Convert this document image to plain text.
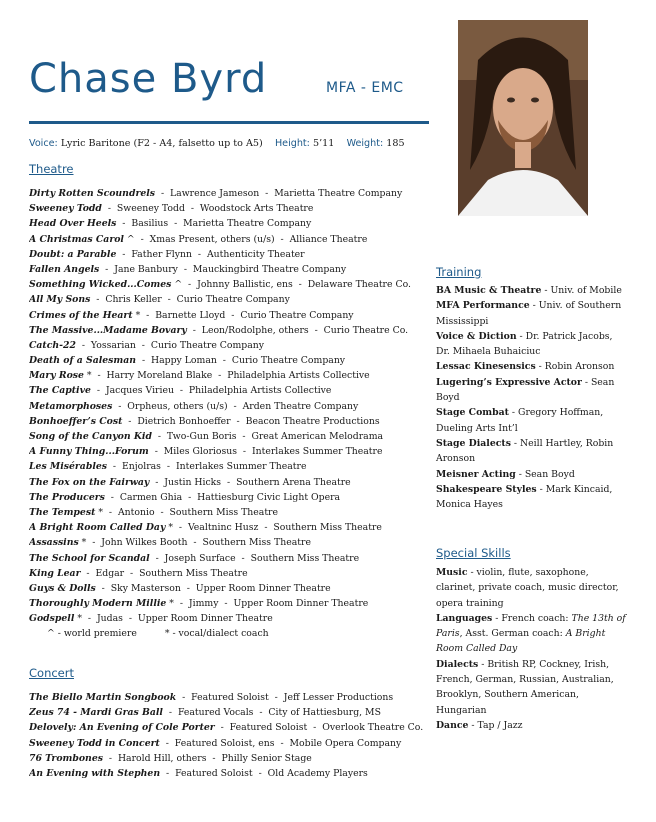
Chase Byrd	MFA - EMC
Voice: Lyric Baritone (F2 - A4, falsetto up to A5) Height: 5’11 Weight: 185
Theatre
Dirty Rotten Scoundrels  -  Lawrence Jameson  -  Marietta Theatre Company
Sweeney Todd  -  Sweeney Todd  -  Woodstock Arts Theatre
Head Over Heels  -  Basilius  -  Marietta Theatre Company
A Christmas Carol ^  -  Xmas Present, others (u/s)  -  Alliance Theatre
Doubt: a Parable  -  Father Flynn  -  Authenticity Theater
Fallen Angels  -  Jane Banbury  -  Mauckingbird Theatre Company
Something Wicked...Comes ^  -  Johnny Ballistic, ens  -  Delaware Theatre Co.
All My Sons  -  Chris Keller  -  Curio Theatre Company
Crimes of the Heart *  -  Barnette Lloyd  -  Curio Theatre Company
The Massive...Madame Bovary  -  Leon/Rodolphe, others  -  Curio Theatre Co.
Catch-22  -  Yossarian  -  Curio Theatre Company
Death of a Salesman  -  Happy Loman  -  Curio Theatre Company
Mary Rose *  -  Harry Moreland Blake  -  Philadelphia Artists Collective
The Captive  -  Jacques Virieu  -  Philadelphia Artists Collective
Metamorphoses  -  Orpheus, others (u/s)  -  Arden Theatre Company
Bonhoeffer’s Cost  -  Dietrich Bonhoeffer  -  Beacon Theatre Productions
Song of the Canyon Kid  -  Two-Gun Boris  -  Great American Melodrama
A Funny Thing...Forum  -  Miles Gloriosus  -  Interlakes Summer Theatre
Les Misérables  -  Enjolras  -  Interlakes Summer Theatre
The Fox on the Fairway  -  Justin Hicks  -  Southern Arena Theatre
The Producers  -  Carmen Ghia  -  Hattiesburg Civic Light Opera
The Tempest *  -  Antonio  -  Southern Miss Theatre
A Bright Room Called Day *  -  Vealtninc Husz  -  Southern Miss Theatre
Assassins *  -  John Wilkes Booth  -  Southern Miss Theatre
The School for Scandal  -  Joseph Surface  -  Southern Miss Theatre
King Lear  -  Edgar  -  Southern Miss Theatre
Guys & Dolls  -  Sky Masterson  -  Upper Room Dinner Theatre
Thoroughly Modern Millie *  -  Jimmy  -  Upper Room Dinner Theatre
Godspell *  -  Judas  -  Upper Room Dinner Theatre
^ - world premiere	* - vocal/dialect coach
Concert
The Biello Martin Songbook  -  Featured Soloist  -  Jeff Lesser Productions
Zeus 74 - Mardi Gras Ball  -  Featured Vocals  -  City of Hattiesburg, MS
Delovely: An Evening of Cole Porter  -  Featured Soloist  -  Overlook Theatre Co.
Sweeney Todd in Concert  -  Featured Soloist, ens  -  Mobile Opera Company
76 Trombones  -  Harold Hill, others  -  Philly Senior Stage
An Evening with Stephen  -  Featured Soloist  -  Old Academy Players
Training
BA Music & Theatre - Univ. of Mobile
MFA Performance - Univ. of Southern Mississippi
Voice & Diction - Dr. Patrick Jacobs, Dr. Mihaela Buhaiciuc
Lessac Kinesensics - Robin Aronson
Lugering’s Expressive Actor - Sean Boyd
Stage Combat - Gregory Hoffman, Dueling Arts Int’l
Stage Dialects - Neill Hartley, Robin Aronson
Meisner Acting - Sean Boyd
Shakespeare Styles - Mark Kincaid, Monica Hayes
Special Skills
Music - violin, flute, saxophone, clarinet, private coach, music director, opera training
Languages - French coach: The 13th of Paris, Asst. German coach: A Bright Room Called Day
Dialects - British RP, Cockney, Irish, French, German, Russian, Australian, Brooklyn, Southern American, Hungarian
Dance - Tap / Jazz
